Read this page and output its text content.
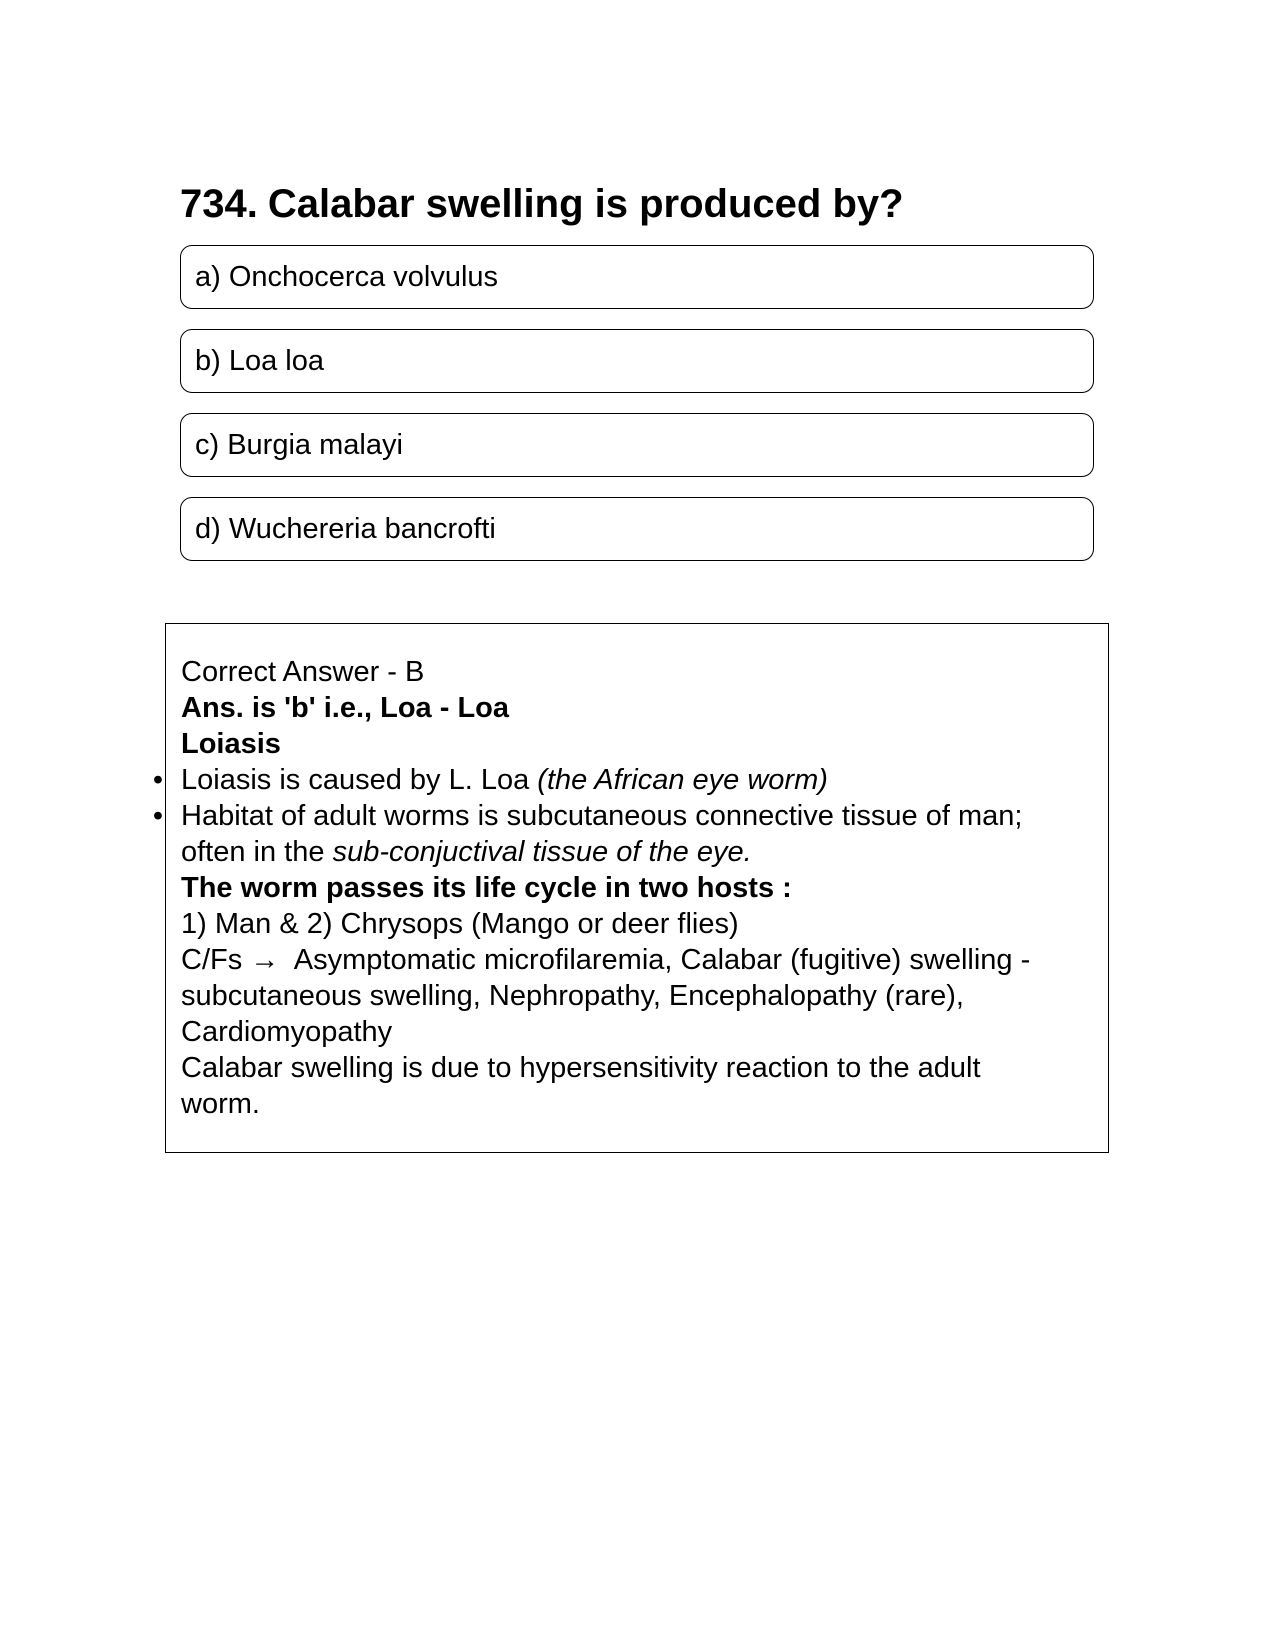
734. Calabar swelling is produced by?
a) Onchocerca volvulus
b) Loa loa
c) Burgia malayi
d) Wuchereria bancrofti
Correct Answer - B
Ans. is 'b' i.e., Loa - Loa
Loiasis
• Loiasis is caused by L. Loa (the African eye worm)
• Habitat of adult worms is subcutaneous connective tissue of man;
often in the sub-conjuctival tissue of the eye.
The worm passes its life cycle in two hosts :
1) Man & 2) Chrysops (Mango or deer flies)
C/Fs →  Asymptomatic microfilaremia, Calabar (fugitive) swelling -
subcutaneous swelling, Nephropathy, Encephalopathy (rare),
Cardiomyopathy
Calabar swelling is due to hypersensitivity reaction to the adult
worm.
